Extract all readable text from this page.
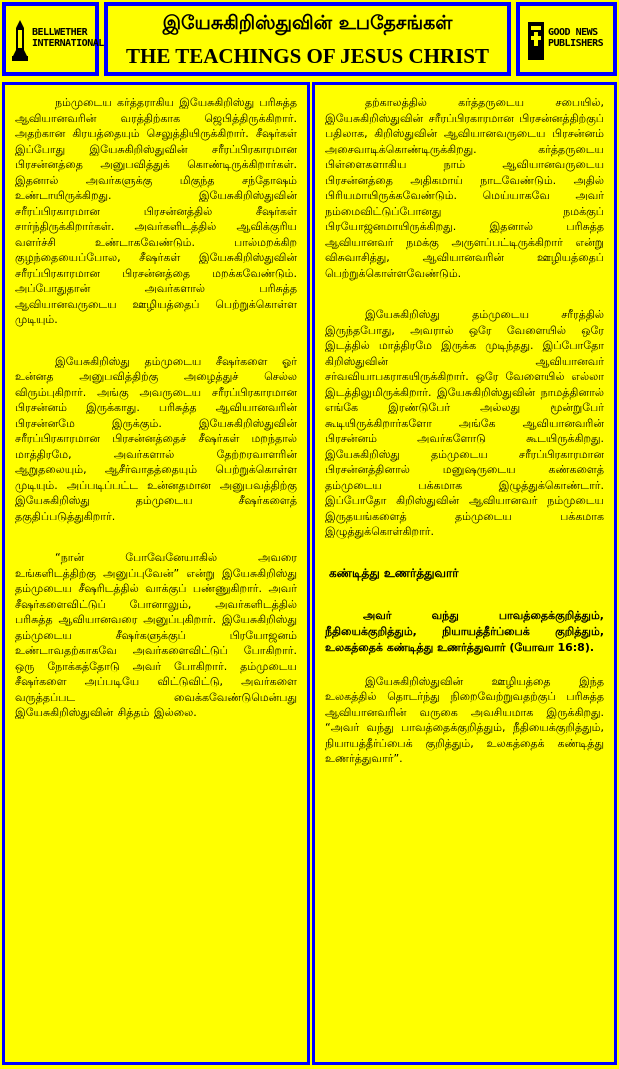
BELLWETHER
INTERNATIONAL
இயேசுகிறிஸ்துவின் உபதேசங்கள்
THE TEACHINGS OF JESUS CHRIST
GOOD NEWS
PUBLISHERS

நம்முடைய கர்த்தராகிய இயேசுகிறிஸ்து பரிசுத்த ஆவியானவரின் வரத்திற்காக ஜெபித்திருக்கிறார். அதற்கான கிரயத்தையும் செலுத்தியிருக்கிறார். சீஷர்கள் இப்போது இயேசுகிறிஸ்துவின் சரீரப்பிரகாரமான பிரசன்னத்தை அனுபவித்துக் கொண்டிருக்கிறார்கள். இதனால் அவர்களுக்கு மிகுந்த சந்தோஷம் உண்டாயிருக்கிறது. இயேசுகிறிஸ்துவின் சரீரப்பிரகாரமான பிரசன்னத்தில் சீஷர்கள் சார்ந்திருக்கிறார்கள். அவர்களிடத்தில் ஆவிக்குரிய வளர்ச்சி உண்டாகவேண்டும். பால்மறக்கிற குழந்தையைப்போல, சீஷர்கள் இயேசுகிறிஸ்துவின் சரீரப்பிரகாரமான பிரசன்னத்தை மறக்கவேண்டும். அப்போதுதான் அவர்களால் பரிசுத்த ஆவியானவருடைய ஊழியத்தைப் பெற்றுக்கொள்ள முடியும்.

இயேசுகிறிஸ்து தம்முடைய சீஷர்களை ஓர் உன்னத அனுபவித்திற்கு அழைத்துச் செல்ல விரும்புகிறார். அங்கு அவருடைய சரீரப்பிரகாரமான பிரசன்னம் இருக்காது. பரிசுத்த ஆவியானவரின் பிரசன்னமே இருக்கும். இயேசுகிறிஸ்துவின் சரீரப்பிரகாரமான பிரசன்னத்தைச் சீஷர்கள் மறந்தால் மாத்திரமே, அவர்களால் தேற்றரவாளரின் ஆறுதலையும், ஆசீர்வாதத்தையும் பெற்றுக்கொள்ள முடியும். அப்படிப்பட்ட உன்னதமான அனுபவத்திற்கு இயேசுகிறிஸ்து தம்முடைய சீஷர்களைத் தகுதிப்படுத்துகிறார்.

“நான் போவேனேயாகில் அவரை உங்களிடத்திற்கு அனுப்புவேன்” என்று இயேசுகிறிஸ்து தம்முடைய சீஷரிடத்தில் வாக்குப் பண்ணுகிறார். அவர் சீஷர்களைவிட்டுப் போனாலும், அவர்களிடத்தில் பரிசுத்த ஆவியானவரை அனுப்புகிறார். இயேசுகிறிஸ்து தம்முடைய சீஷர்களுக்குப் பிரயோஜனம் உண்டாவதற்காகவே அவர்களைவிட்டுப் போகிறார். ஒரு நோக்கத்தோடு அவர் போகிறார். தம்முடைய சீஷர்களை அப்படியே விட்டுவிட்டு, அவர்களை வருத்தப்பட வைக்கவேண்டுமென்பது இயேசுகிறிஸ்துவின் சித்தம் இல்லை.

தற்காலத்தில் கர்த்தருடைய சபையில், இயேசுகிறிஸ்துவின் சரீரப்பிரகாரமான பிரசன்னத்திற்குப் பதிலாக, கிறிஸ்துவின் ஆவியானவருடைய பிரசன்னம் அசைவாடிக்கொண்டிருக்கிறது. கர்த்தருடைய பிள்ளைகளாகிய நாம் ஆவியானவருடைய பிரசன்னத்தை அதிகமாய் நாடவேண்டும். அதில் பிரியமாயிருக்கவேண்டும். மெய்யாகவே அவர் நம்மைவிட்டுப்போனது நமக்குப் பிரயோஜனமாயிருக்கிறது. இதனால் பரிசுத்த ஆவியானவர் நமக்கு அருளப்பட்டிருக்கிறார் என்று விசுவாசித்து, ஆவியானவரின் ஊழியத்தைப் பெற்றுக்கொள்ளவேண்டும்.

இயேசுகிறிஸ்து தம்முடைய சரீரத்தில் இருந்தபோது, அவரால் ஒரே வேளையில் ஒரே இடத்தில் மாத்திரமே இருக்க முடிந்தது. இப்போதோ கிறிஸ்துவின் ஆவியானவர் சர்வவியாபகராகயிருக்கிறார். ஒரே வேளையில் எல்லா இடத்திலுமிருக்கிறார். இயேசுகிறிஸ்துவின் நாமத்தினால் எங்கே இரண்டுபேர் அல்லது மூன்றுபேர் கூடியிருக்கிறார்களோ அங்கே ஆவியானவரின் பிரசன்னம் அவர்களோடு கூடயிருக்கிறது. இயேசுகிறிஸ்து தம்முடைய சரீரப்பிரகாரமான பிரசன்னத்தினால் மனுஷருடைய கண்களைத் தம்முடைய பக்கமாக இழுத்துக்கொண்டார். இப்போதோ கிறிஸ்துவின் ஆவியானவர் நம்முடைய இருதயங்களைத் தம்முடைய பக்கமாக இழுத்துக்கொள்கிறார்.

கண்டித்து உணர்த்துவார்

அவர் வந்து பாவத்தைக்குறித்தும், நீதியைக்குறித்தும், நியாயத்தீர்ப்பைக் குறித்தும், உலகத்தைக் கண்டித்து உணர்த்துவார் (யோவா 16:8).

இயேசுகிறிஸ்துவின் ஊழியத்தை இந்த உலகத்தில் தொடர்ந்து நிறைவேற்றுவதற்குப் பரிசுத்த ஆவியானவரின் வருகை அவசியமாக இருக்கிறது. “அவர் வந்து பாவத்தைக்குறித்தும், நீதியைக்குறித்தும், நியாயத்தீர்ப்பைக் குறித்தும், உலகத்தைக் கண்டித்து உணர்த்துவார்”.
